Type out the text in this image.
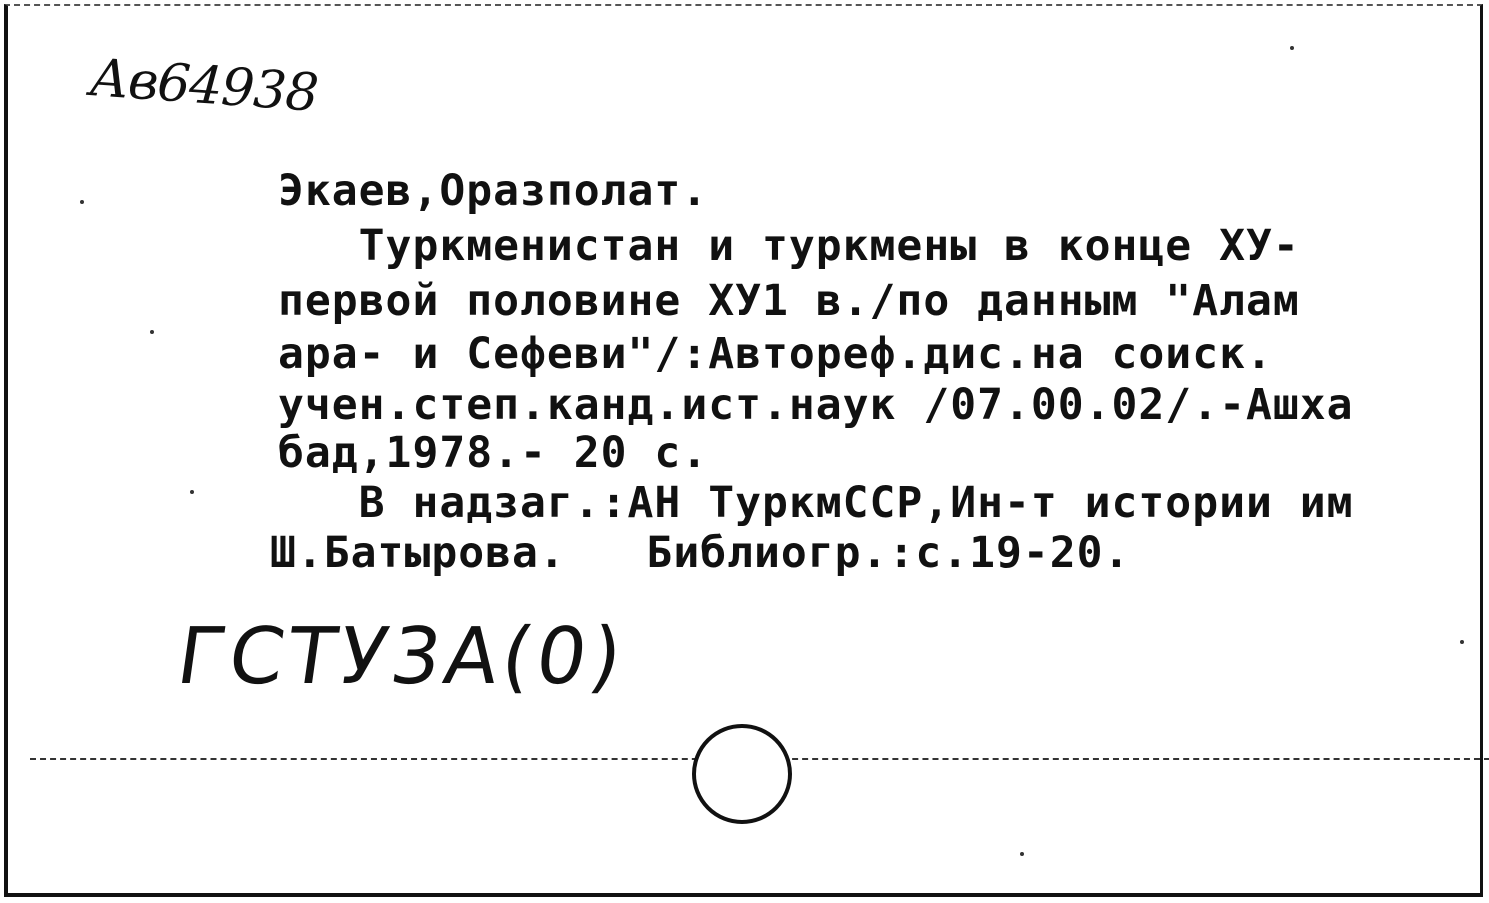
Ав64938
Экаев,Оразполат.
Туркменистан и туркмены в конце ХУ-
первой половине ХУ1 в./по данным "Алам
ара- и Сефеви"/:Автореф.дис.на соиск.
учен.степ.канд.ист.наук /07.00.02/.-Ашха
бад,1978.- 20 с.
В надзаг.:АН ТуркмССР,Ин-т истории им
Ш.Батырова.   Библиогр.:с.19-20.
ГСТУ3А(0)
